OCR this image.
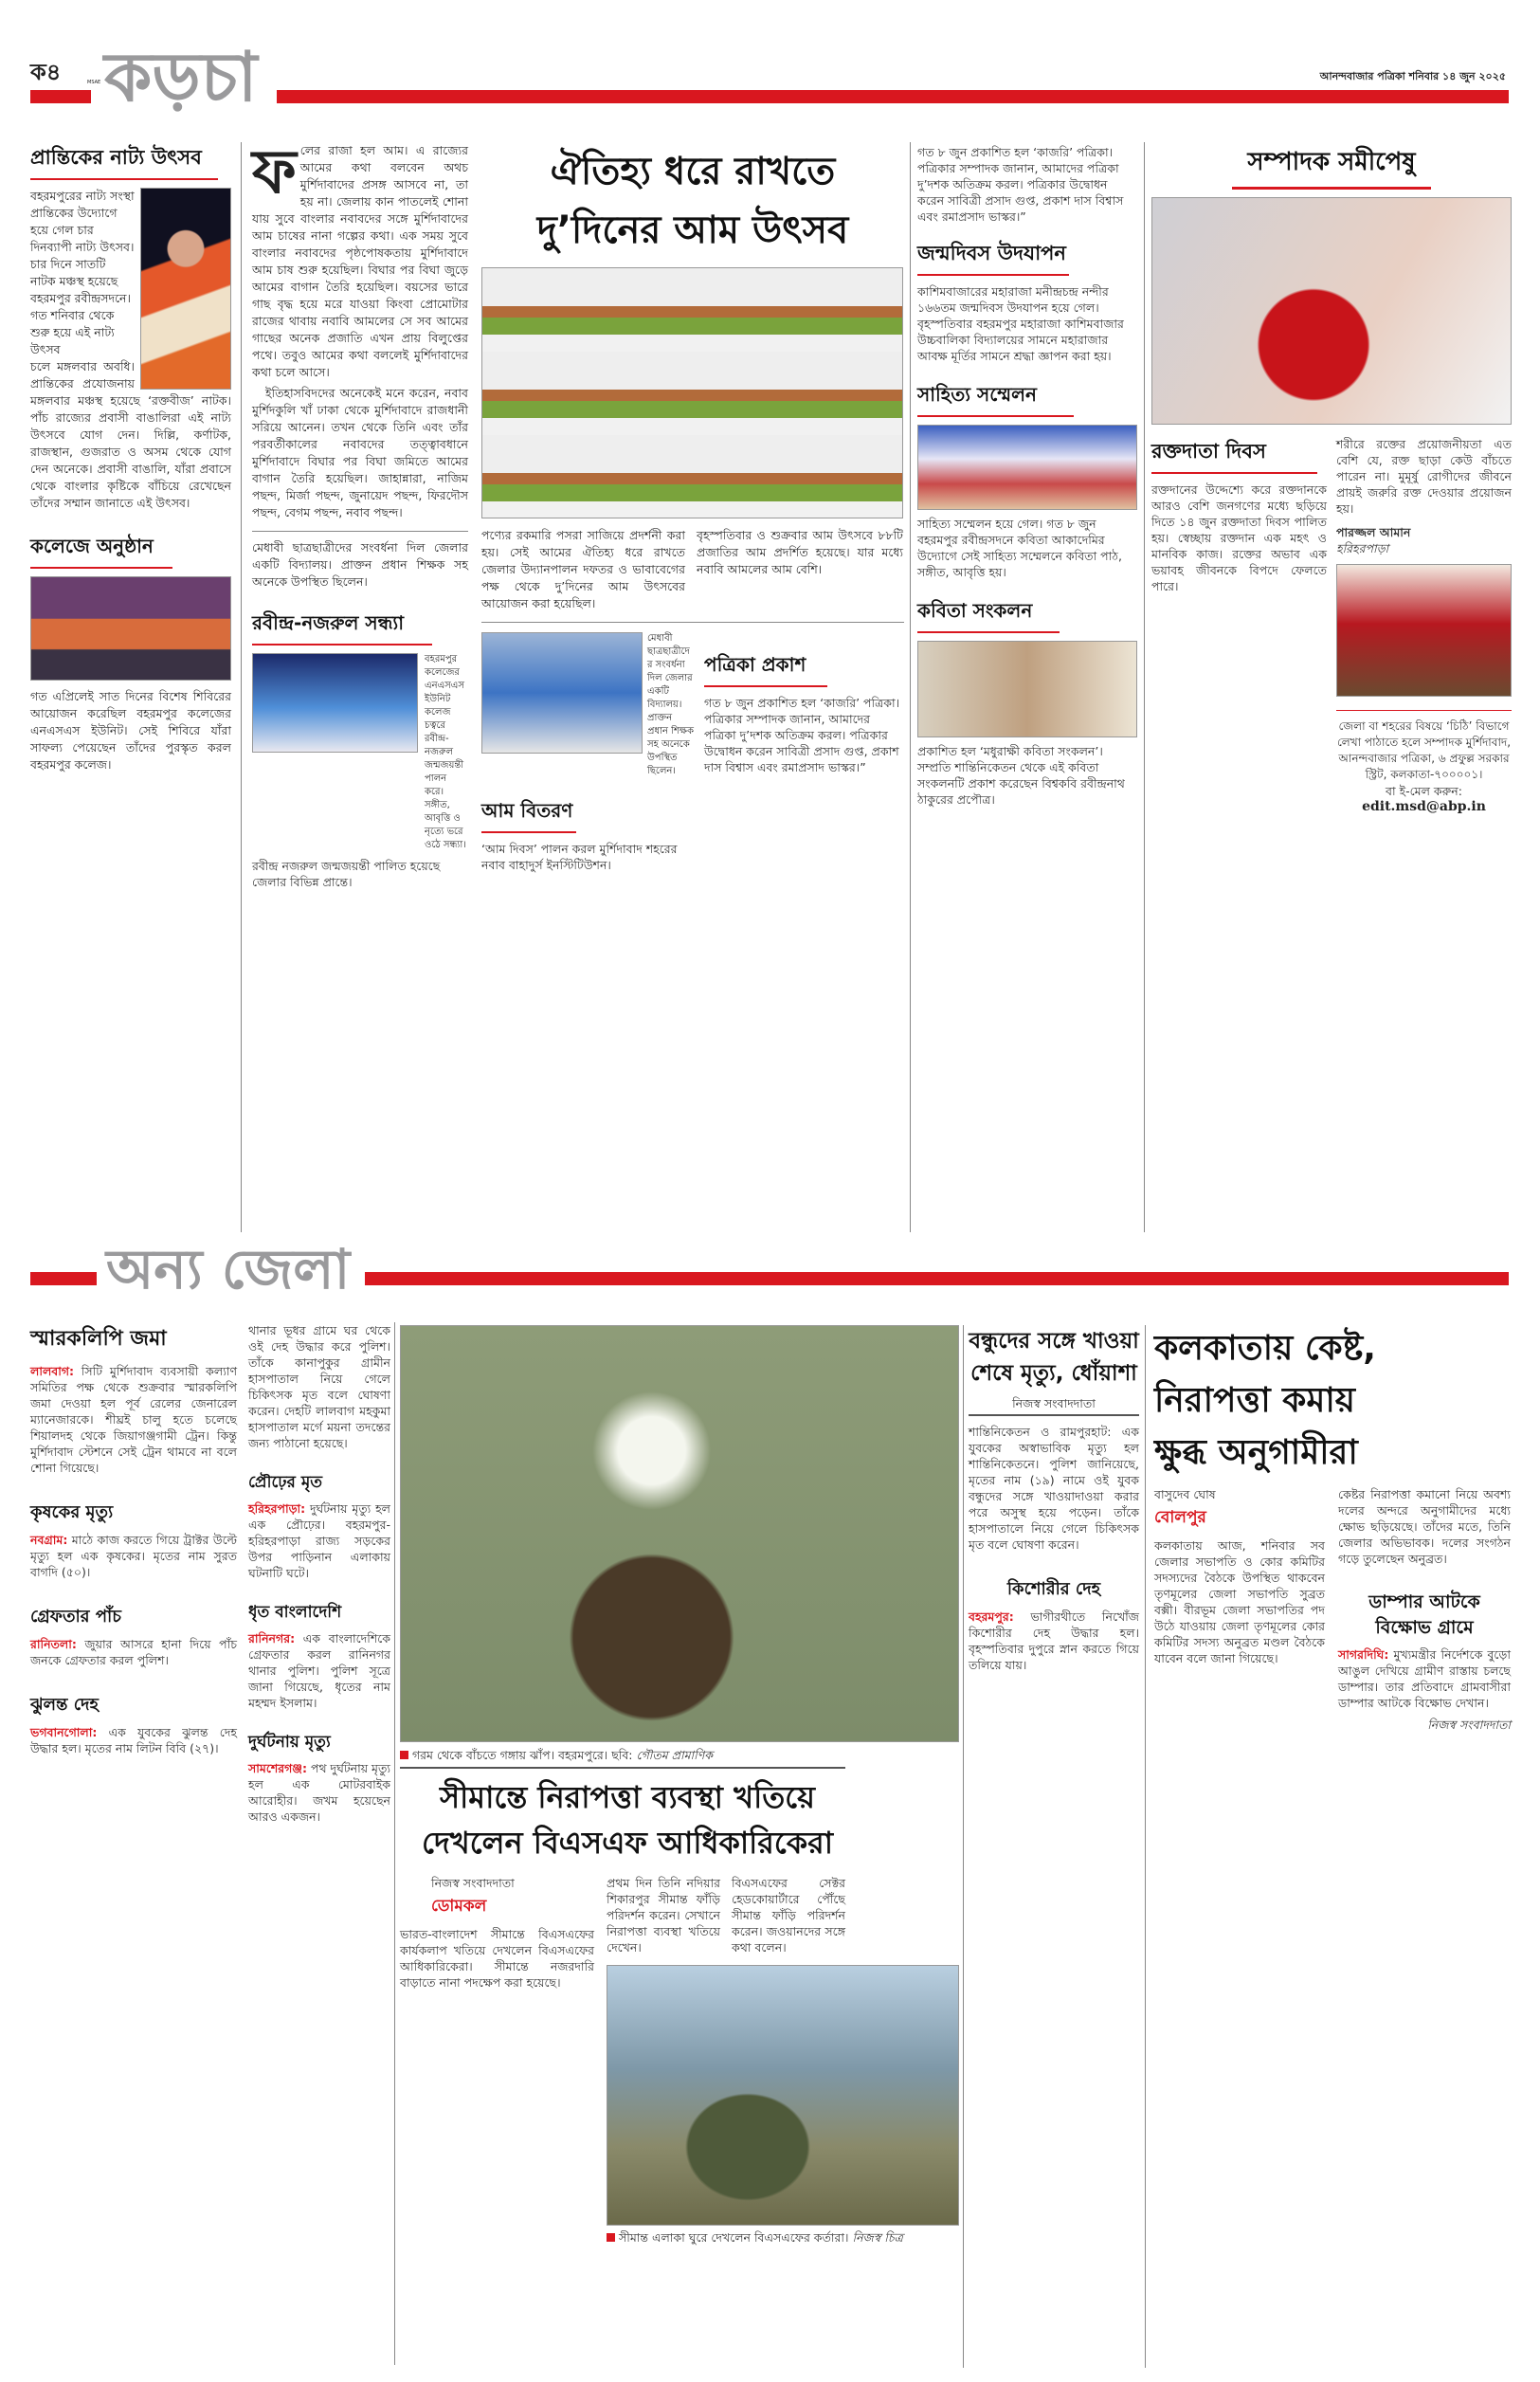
ক৪	MSAE কড়চা	আনন্দবাজার পত্রিকা শনিবার ১৪ জুন ২০২৫
প্রান্তিকের নাট্য উৎসব
বহরমপুরের নাট্য সংস্থা প্রান্তিকের উদ্যোগে হয়ে গেল চার দিনব্যাপী নাট্য উৎসব। চার দিনে সাতটি নাটক মঞ্চস্থ হয়েছে বহরমপুর রবীন্দ্রসদনে। গত শনিবার থেকে শুরু হয়ে এই নাট্য উৎসব
চলে মঙ্গলবার অবধি। প্রান্তিকের প্রযোজনায় মঙ্গলবার মঞ্চস্থ হয়েছে ‘রক্তবীজ’ নাটক। পাঁচ রাজ্যের প্রবাসী বাঙালিরা এই নাট্য উৎসবে যোগ দেন। দিল্লি, কর্ণাটক, রাজস্থান, গুজরাত ও অসম থেকে যোগ দেন অনেকে। প্রবাসী বাঙালি, যাঁরা প্রবাসে থেকে বাংলার কৃষ্টিকে বাঁচিয়ে রেখেছেন তাঁদের সম্মান জানাতে এই উৎসব।
কলেজে অনুষ্ঠান
গত এপ্রিলেই সাত দিনের বিশেষ শিবিরের আয়োজন করেছিল বহরমপুর কলেজের এনএসএস ইউনিট। সেই শিবিরে যাঁরা সাফল্য পেয়েছেন তাঁদের পুরস্কৃত করল বহরমপুর কলেজ।
ফ লের রাজা হল আম। এ রাজ্যের আমের কথা বলবেন অথচ মুর্শিদাবাদের প্রসঙ্গ আসবে না, তা হয় না। জেলায় কান পাতলেই শোনা যায় সুবে বাংলার নবাবদের সঙ্গে মুর্শিদাবাদের আম চাষের নানা গল্পের কথা। এক সময় সুবে বাংলার নবাবদের পৃষ্ঠপোষকতায় মুর্শিদাবাদে আম চাষ শুরু হয়েছিল। বিঘার পর বিঘা জুড়ে আমের বাগান তৈরি হয়েছিল। বয়সের ভারে গাছ বৃদ্ধ হয়ে মরে যাওয়া কিংবা প্রোমোটার রাজের থাবায় নবাবি আমলের সে সব আমের গাছের অনেক প্রজাতি এখন প্রায় বিলুপ্তের পথে। তবুও আমের কথা বললেই মুর্শিদাবাদের কথা চলে আসে।
ইতিহাসবিদদের অনেকেই মনে করেন, নবাব মুর্শিদকুলি খাঁ ঢাকা থেকে মুর্শিদাবাদে রাজধানী সরিয়ে আনেন। তখন থেকে তিনি এবং তাঁর পরবর্তীকালের নবাবদের তত্ত্বাবধানে মুর্শিদাবাদে বিঘার পর বিঘা জমিতে আমের বাগান তৈরি হয়েছিল। জাহান্নারা, নাজিম পছন্দ, মির্জা পছন্দ, জুনায়েদ পছন্দ, ফিরদৌস পছন্দ, বেগম পছন্দ, নবাব পছন্দ।
মেধাবী ছাত্রছাত্রীদের সংবর্ধনা দিল জেলার একটি বিদ্যালয়। প্রাক্তন প্রধান শিক্ষক সহ অনেকে উপস্থিত ছিলেন।
রবীন্দ্র-নজরুল সন্ধ্যা
বহরমপুর কলেজের এনএসএস ইউনিট কলেজ চত্বরে রবীন্দ্র-নজরুল জন্মজয়ন্তী পালন করে। সঙ্গীত, আবৃত্তি ও নৃত্যে ভরে ওঠে সন্ধ্যা।
রবীন্দ্র নজরুল জন্মজয়ন্তী পালিত হয়েছে জেলার বিভিন্ন প্রান্তে।
ঐতিহ্য ধরে রাখতে
দু’দিনের আম উৎসব
পণ্যের রকমারি পসরা সাজিয়ে প্রদর্শনী করা হয়। সেই আমের ঐতিহ্য ধরে রাখতে জেলার উদ্যানপালন দফতর ও ভাবাবেগের পক্ষ থেকে দু’দিনের আম উৎসবের আয়োজন করা হয়েছিল।
বৃহস্পতিবার ও শুক্রবার আম উৎসবে ৮৮টি প্রজাতির আম প্রদর্শিত হয়েছে। যার মধ্যে নবাবি আমলের আম বেশি।
মেধাবী ছাত্রছাত্রীদের সংবর্ধনা দিল জেলার একটি বিদ্যালয়। প্রাক্তন প্রধান শিক্ষক সহ অনেকে উপস্থিত ছিলেন।
আম বিতরণ
‘আম দিবস’ পালন করল মুর্শিদাবাদ শহরের নবাব বাহাদুর্স ইনস্টিটিউশন।
পত্রিকা প্রকাশ
গত ৮ জুন প্রকাশিত হল ‘কাজরি’ পত্রিকা। পত্রিকার সম্পাদক জানান, আমাদের পত্রিকা দু’দশক অতিক্রম করল। পত্রিকার উদ্বোধন করেন সাবিত্রী প্রসাদ গুপ্ত, প্রকাশ দাস বিশ্বাস এবং রমাপ্রসাদ ভাস্কর।”
গত ৮ জুন প্রকাশিত হল ‘কাজরি’ পত্রিকা। পত্রিকার সম্পাদক জানান, আমাদের পত্রিকা দু’দশক অতিক্রম করল। পত্রিকার উদ্বোধন করেন সাবিত্রী প্রসাদ গুপ্ত, প্রকাশ দাস বিশ্বাস এবং রমাপ্রসাদ ভাস্কর।”
জন্মদিবস উদযাপন
কাশিমবাজারের মহারাজা মনীন্দ্রচন্দ্র নন্দীর ১৬৬তম জন্মদিবস উদযাপন হয়ে গেল। বৃহস্পতিবার বহরমপুর মহারাজা কাশিমবাজার উচ্চবালিকা বিদ্যালয়ের সামনে মহারাজার আবক্ষ মূর্তির সামনে শ্রদ্ধা জ্ঞাপন করা হয়।
সাহিত্য সম্মেলন
সাহিত্য সম্মেলন হয়ে গেল। গত ৮ জুন বহরমপুর রবীন্দ্রসদনে কবিতা আকাদেমির উদ্যোগে সেই সাহিত্য সম্মেলনে কবিতা পাঠ, সঙ্গীত, আবৃত্তি হয়।
কবিতা সংকলন
প্রকাশিত হল ‘মধুরাক্ষী কবিতা সংকলন’। সম্প্রতি শান্তিনিকেতন থেকে এই কবিতা সংকলনটি প্রকাশ করেছেন বিশ্বকবি রবীন্দ্রনাথ ঠাকুরের প্রপৌত্র।
সম্পাদক সমীপেষু
রক্তদাতা দিবস
রক্তদানের উদ্দেশ্যে করে রক্তদানকে আরও বেশি জনগণের মধ্যে ছড়িয়ে দিতে ১৪ জুন রক্তদাতা দিবস পালিত হয়। স্বেচ্ছায় রক্তদান এক মহৎ ও মানবিক কাজ। রক্তের অভাব এক ভয়াবহ জীবনকে বিপদে ফেলতে পারে।
শরীরে রক্তের প্রয়োজনীয়তা এত বেশি যে, রক্ত ছাড়া কেউ বাঁচতে পারেন না। মুমূর্ষু রোগীদের জীবনে প্রায়ই জরুরি রক্ত দেওয়ার প্রয়োজন হয়।
পারজ্জল আমান
হরিহরপাড়া
জেলা বা শহরের বিষয়ে ‘চিঠি’ বিভাগে লেখা পাঠাতে হলে সম্পাদক মুর্শিদাবাদ, আনন্দবাজার পত্রিকা, ৬ প্রফুল্ল সরকার স্ট্রিট, কলকাতা-৭০০০০১।
বা ই-মেল করুন:
edit.msd@abp.in
অন্য জেলা
স্মারকলিপি জমা
লালবাগ: সিটি মুর্শিদাবাদ ব্যবসায়ী কল্যাণ সমিতির পক্ষ থেকে শুক্রবার স্মারকলিপি জমা দেওয়া হল পূর্ব রেলের জেনারেল ম্যানেজারকে। শীঘ্রই চালু হতে চলেছে শিয়ালদহ থেকে জিয়াগঞ্জগামী ট্রেন। কিন্তু মুর্শিদাবাদ স্টেশনে সেই ট্রেন থামবে না বলে শোনা গিয়েছে।
কৃষকের মৃত্যু
নবগ্রাম: মাঠে কাজ করতে গিয়ে ট্রাক্টর উল্টে মৃত্যু হল এক কৃষকের। মৃতের নাম সুরত বাগদি (৫০)।
গ্রেফতার পাঁচ
রানিতলা: জুয়ার আসরে হানা দিয়ে পাঁচ জনকে গ্রেফতার করল পুলিশ।
ঝুলন্ত দেহ
ভগবানগোলা: এক যুবকের ঝুলন্ত দেহ উদ্ধার হল। মৃতের নাম লিটন বিবি (২৭)।
থানার ভূধর গ্রামে ঘর থেকে ওই দেহ উদ্ধার করে পুলিশ। তাঁকে কানাপুকুর গ্রামীন হাসপাতাল নিয়ে গেলে চিকিৎসক মৃত বলে ঘোষণা করেন। দেহটি লালবাগ মহকুমা হাসপাতাল মর্গে ময়না তদন্তের জন্য পাঠানো হয়েছে।
প্রৌঢ়ের মৃত
হরিহরপাড়া: দুর্ঘটনায় মৃত্যু হল এক প্রৌঢ়ের। বহরমপুর-হরিহরপাড়া রাজ্য সড়কের উপর পাড়িনান এলাকায় ঘটনাটি ঘটে।
ধৃত বাংলাদেশি
রানিনগর: এক বাংলাদেশিকে গ্রেফতার করল রানিনগর থানার পুলিশ। পুলিশ সূত্রে জানা গিয়েছে, ধৃতের নাম মহম্মদ ইসলাম।
দুর্ঘটনায় মৃত্যু
সামশেরগঞ্জ: পথ দুর্ঘটনায় মৃত্যু হল এক মোটরবাইক আরোহীর। জখম হয়েছেন আরও একজন।
গরম থেকে বাঁচতে গঙ্গায় ঝাঁপ। বহরমপুরে। ছবি: গৌতম প্রামাণিক
সীমান্তে নিরাপত্তা ব্যবস্থা খতিয়ে
দেখলেন বিএসএফ আধিকারিকেরা
নিজস্ব সংবাদদাতা
ডোমকল
ভারত-বাংলাদেশ সীমান্তে বিএসএফের কার্যকলাপ খতিয়ে দেখলেন বিএসএফের আধিকারিকেরা। সীমান্তে নজরদারি বাড়াতে নানা পদক্ষেপ করা হয়েছে।
প্রথম দিন তিনি নদিয়ার শিকারপুর সীমান্ত ফাঁড়ি পরিদর্শন করেন। সেখানে নিরাপত্তা ব্যবস্থা খতিয়ে দেখেন।
বিএসএফের সেক্টর হেডকোয়ার্টারে পৌঁছে সীমান্ত ফাঁড়ি পরিদর্শন করেন। জওয়ানদের সঙ্গে কথা বলেন।
সীমান্ত এলাকা ঘুরে দেখলেন বিএসএফের কর্তারা। নিজস্ব চিত্র
বন্ধুদের সঙ্গে খাওয়া শেষে মৃত্যু, ধোঁয়াশা
নিজস্ব সংবাদদাতা
শান্তিনিকেতন ও রামপুরহাট: এক যুবকের অস্বাভাবিক মৃত্যু হল শান্তিনিকেতনে। পুলিশ জানিয়েছে, মৃতের নাম (১৯) নামে ওই যুবক বন্ধুদের সঙ্গে খাওয়াদাওয়া করার পরে অসুস্থ হয়ে পড়েন। তাঁকে হাসপাতালে নিয়ে গেলে চিকিৎসক মৃত বলে ঘোষণা করেন।
কিশোরীর দেহ
বহরমপুর: ভাগীরথীতে নিখোঁজ কিশোরীর দেহ উদ্ধার হল। বৃহস্পতিবার দুপুরে স্নান করতে গিয়ে তলিয়ে যায়।
কলকাতায় কেষ্ট,
নিরাপত্তা কমায়
ক্ষুব্ধ অনুগামীরা
বাসুদেব ঘোষ
বোলপুর
কলকাতায় আজ, শনিবার সব জেলার সভাপতি ও কোর কমিটির সদস্যদের বৈঠকে উপস্থিত থাকবেন তৃণমূলের জেলা সভাপতি সুব্রত বক্সী। বীরভূম জেলা সভাপতির পদ উঠে যাওয়ায় জেলা তৃণমূলের কোর কমিটির সদস্য অনুব্রত মণ্ডল বৈঠকে যাবেন বলে জানা গিয়েছে।
কেষ্টর নিরাপত্তা কমানো নিয়ে অবশ্য দলের অন্দরে অনুগামীদের মধ্যে ক্ষোভ ছড়িয়েছে। তাঁদের মতে, তিনি জেলার অভিভাবক। দলের সংগঠন গড়ে তুলেছেন অনুব্রত।
ডাম্পার আটকে বিক্ষোভ গ্রামে
সাগরদিঘি: মুখ্যমন্ত্রীর নির্দেশকে বুড়ো আঙুল দেখিয়ে গ্রামীণ রাস্তায় চলছে ডাম্পার। তার প্রতিবাদে গ্রামবাসীরা ডাম্পার আটকে বিক্ষোভ দেখান।
নিজস্ব সংবাদদাতা
